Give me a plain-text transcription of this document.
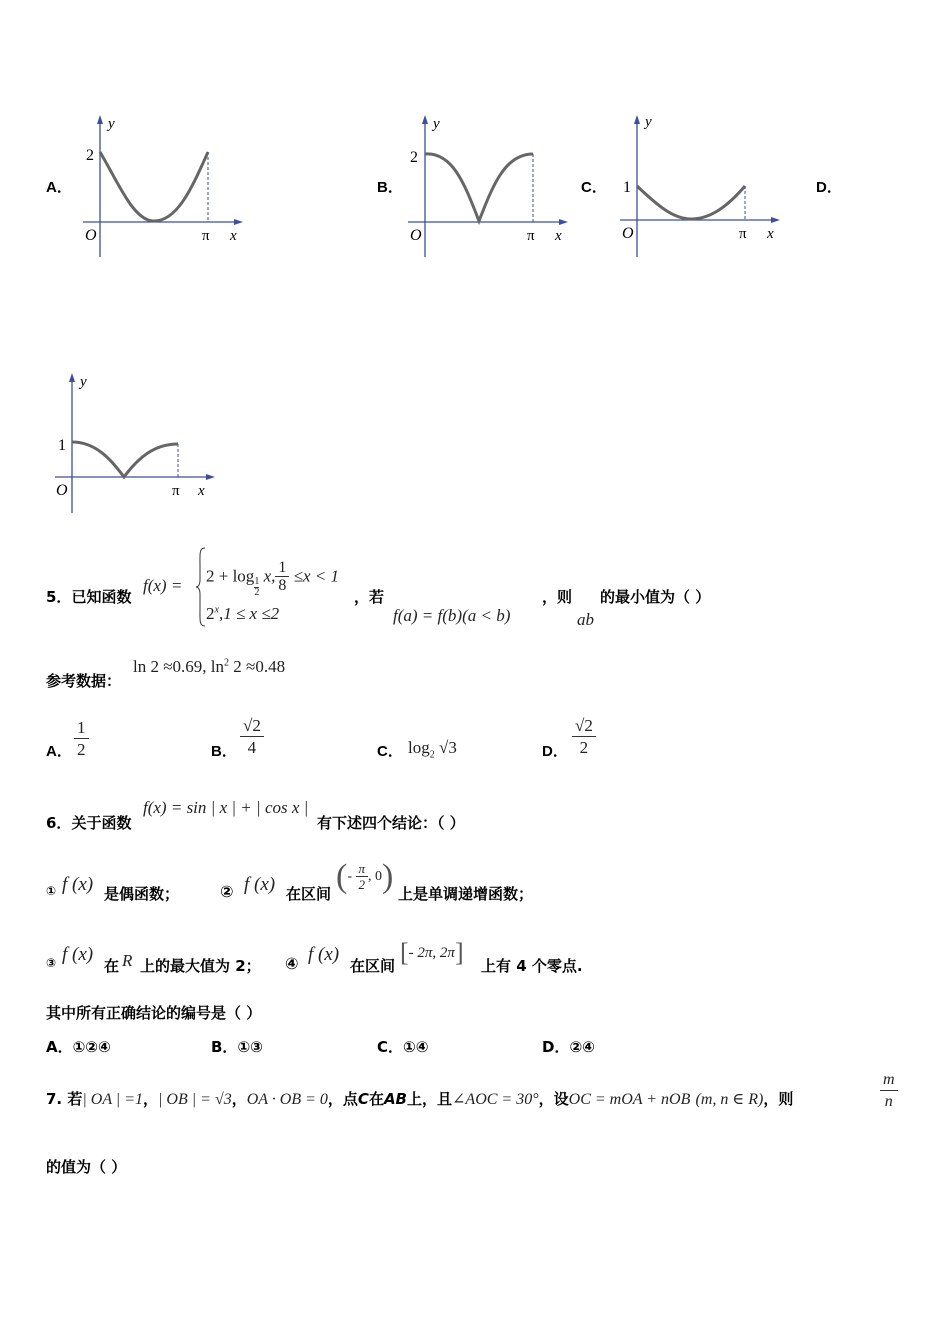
A．
y
2
O	π x
B．
y
2
O	π x
C．
y
1
O	π x
D．
y
1
O	π x
5．已知函数
f(x) =
2 + log
$\frac{1}{2}$
x, $\frac{1}{8} \le x < 1$
$2^x,1 \le x \le 2$
，若
f(a) = f(b)(a < b)
，则
ab
的最小值为（ ）
参考数据：
ln 2 ≈0.69, $\ln^2 2 \approx 0.48$
A． $\frac{1}{2}$	B． $\frac{√2}{4}$	C． $\log_2 √3$	D． $\frac{√2}{2}$
6．关于函数
f(x) = sin | x | + | cos x |
有下述四个结论：（ ）
① f (x) 是偶函数；	② f (x) 在区间 (- $\frac{\pi}{2}$ , 0) 上是单调递增函数；
③ f (x)
在 R 上的最大值为 2； ④ f (x)
在区间 [- 2π, 2π] 上有 4 个零点.
其中所有正确结论的编号是（ ）
A．①②④	B．①③	C．①④	D．②④
7. 若| OA | =1，| OB | = √3，OA · OB = 0，点C在AB上，且∠AOC = 30°，设OC = mOA + nOB (m, n ∈ R)，则	$\frac{m}{n}$
的值为（ ）
